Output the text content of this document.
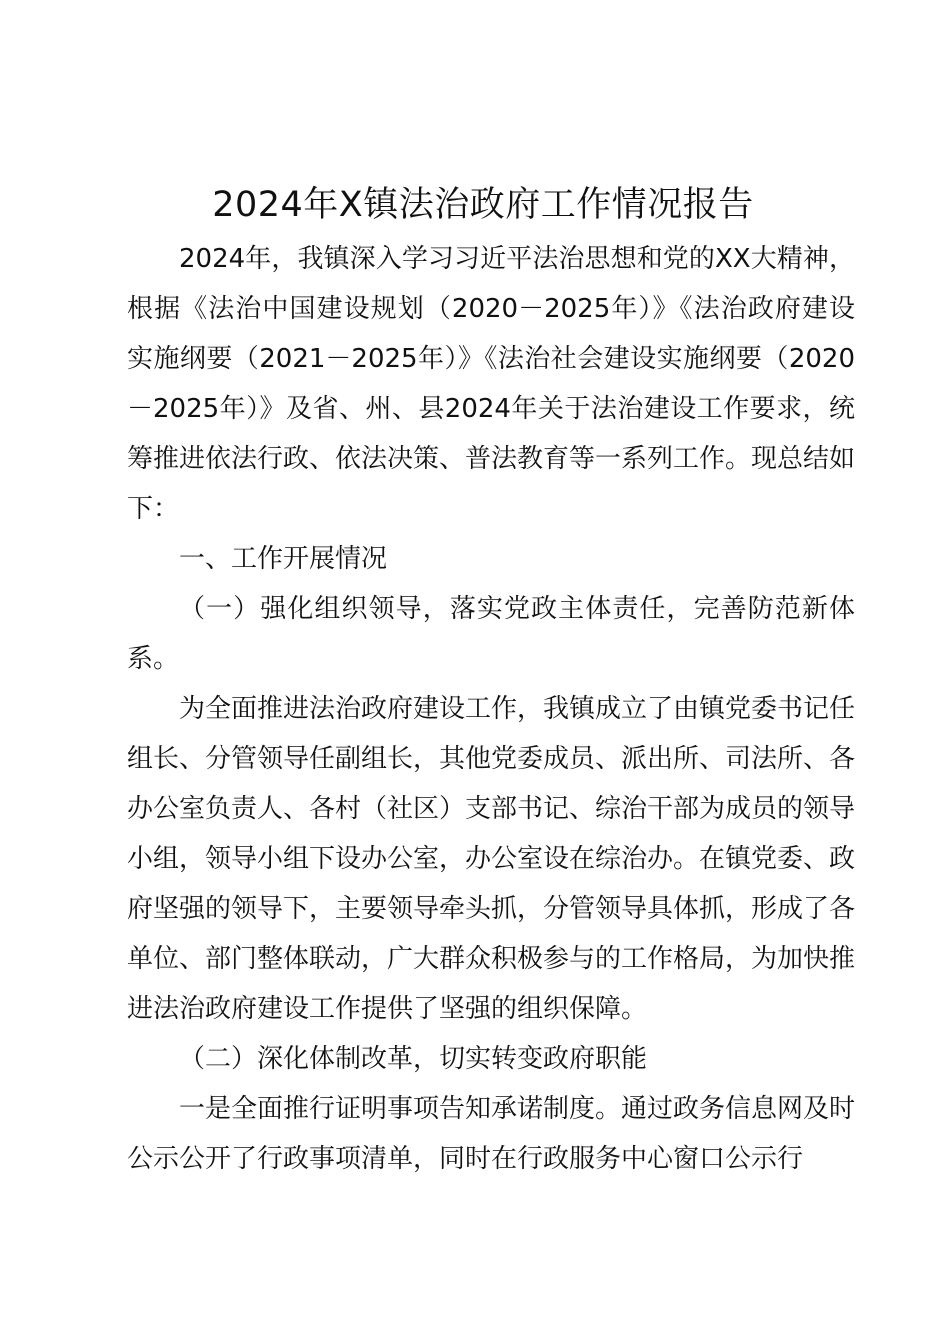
2024年X镇法治政府工作情况报告

2024年，我镇深入学习习近平法治思想和党的XX大精神，根据《法治中国建设规划（2020－2025年）》《法治政府建设实施纲要（2021－2025年）》《法治社会建设实施纲要（2020－2025年）》及省、州、县2024年关于法治建设工作要求，统筹推进依法行政、依法决策、普法教育等一系列工作。现总结如下：

一、工作开展情况

（一）强化组织领导，落实党政主体责任，完善防范新体系。

为全面推进法治政府建设工作，我镇成立了由镇党委书记任组长、分管领导任副组长，其他党委成员、派出所、司法所、各办公室负责人、各村（社区）支部书记、综治干部为成员的领导小组，领导小组下设办公室，办公室设在综治办。在镇党委、政府坚强的领导下，主要领导牵头抓，分管领导具体抓，形成了各单位、部门整体联动，广大群众积极参与的工作格局，为加快推进法治政府建设工作提供了坚强的组织保障。

（二）深化体制改革，切实转变政府职能

一是全面推行证明事项告知承诺制度。通过政务信息网及时公示公开了行政事项清单，同时在行政服务中心窗口公示行
